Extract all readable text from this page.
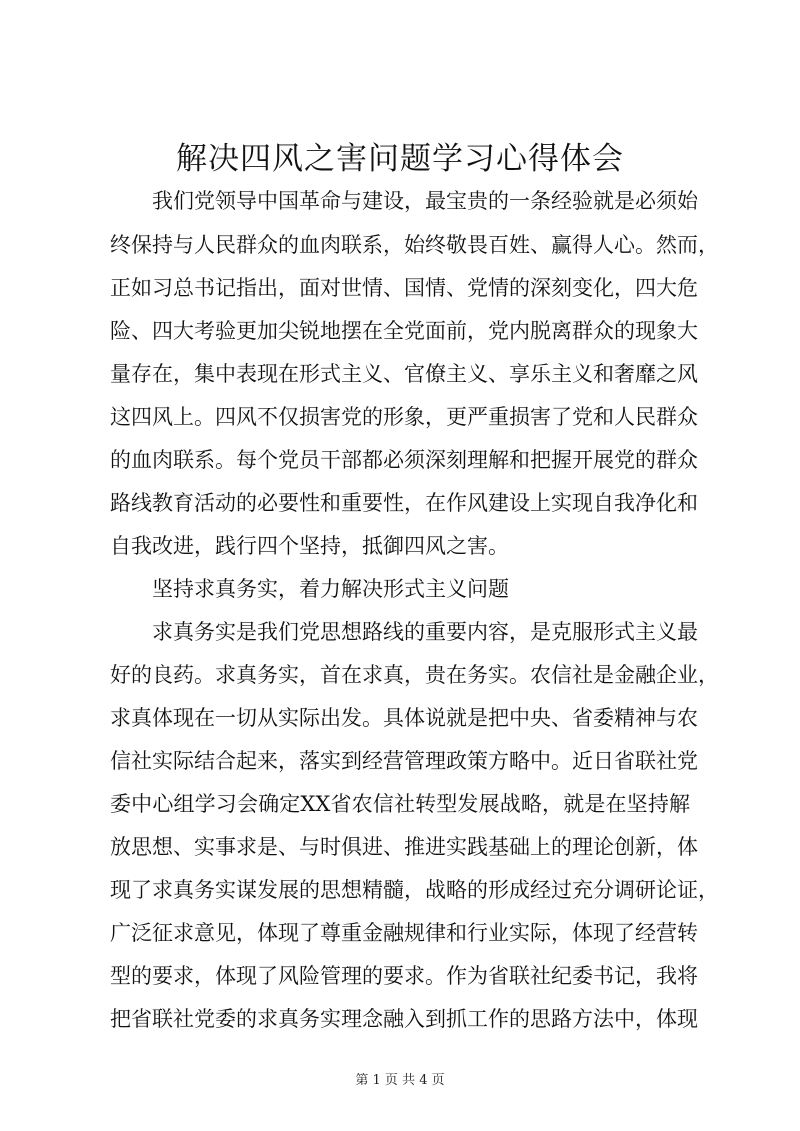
解决四风之害问题学习心得体会

我们党领导中国革命与建设，最宝贵的一条经验就是必须始

终保持与人民群众的血肉联系，始终敬畏百姓、赢得人心。然而，

正如习总书记指出，面对世情、国情、党情的深刻变化，四大危

险、四大考验更加尖锐地摆在全党面前，党内脱离群众的现象大

量存在，集中表现在形式主义、官僚主义、享乐主义和奢靡之风

这四风上。四风不仅损害党的形象，更严重损害了党和人民群众

的血肉联系。每个党员干部都必须深刻理解和把握开展党的群众

路线教育活动的必要性和重要性，在作风建设上实现自我净化和

自我改进，践行四个坚持，抵御四风之害。

坚持求真务实，着力解决形式主义问题

求真务实是我们党思想路线的重要内容，是克服形式主义最

好的良药。求真务实，首在求真，贵在务实。农信社是金融企业，

求真体现在一切从实际出发。具体说就是把中央、省委精神与农

信社实际结合起来，落实到经营管理政策方略中。近日省联社党

委中心组学习会确定XX省农信社转型发展战略，就是在坚持解

放思想、实事求是、与时俱进、推进实践基础上的理论创新，体

现了求真务实谋发展的思想精髓，战略的形成经过充分调研论证，

广泛征求意见，体现了尊重金融规律和行业实际，体现了经营转

型的要求，体现了风险管理的要求。作为省联社纪委书记，我将

把省联社党委的求真务实理念融入到抓工作的思路方法中，体现

第 1 页 共 4 页
